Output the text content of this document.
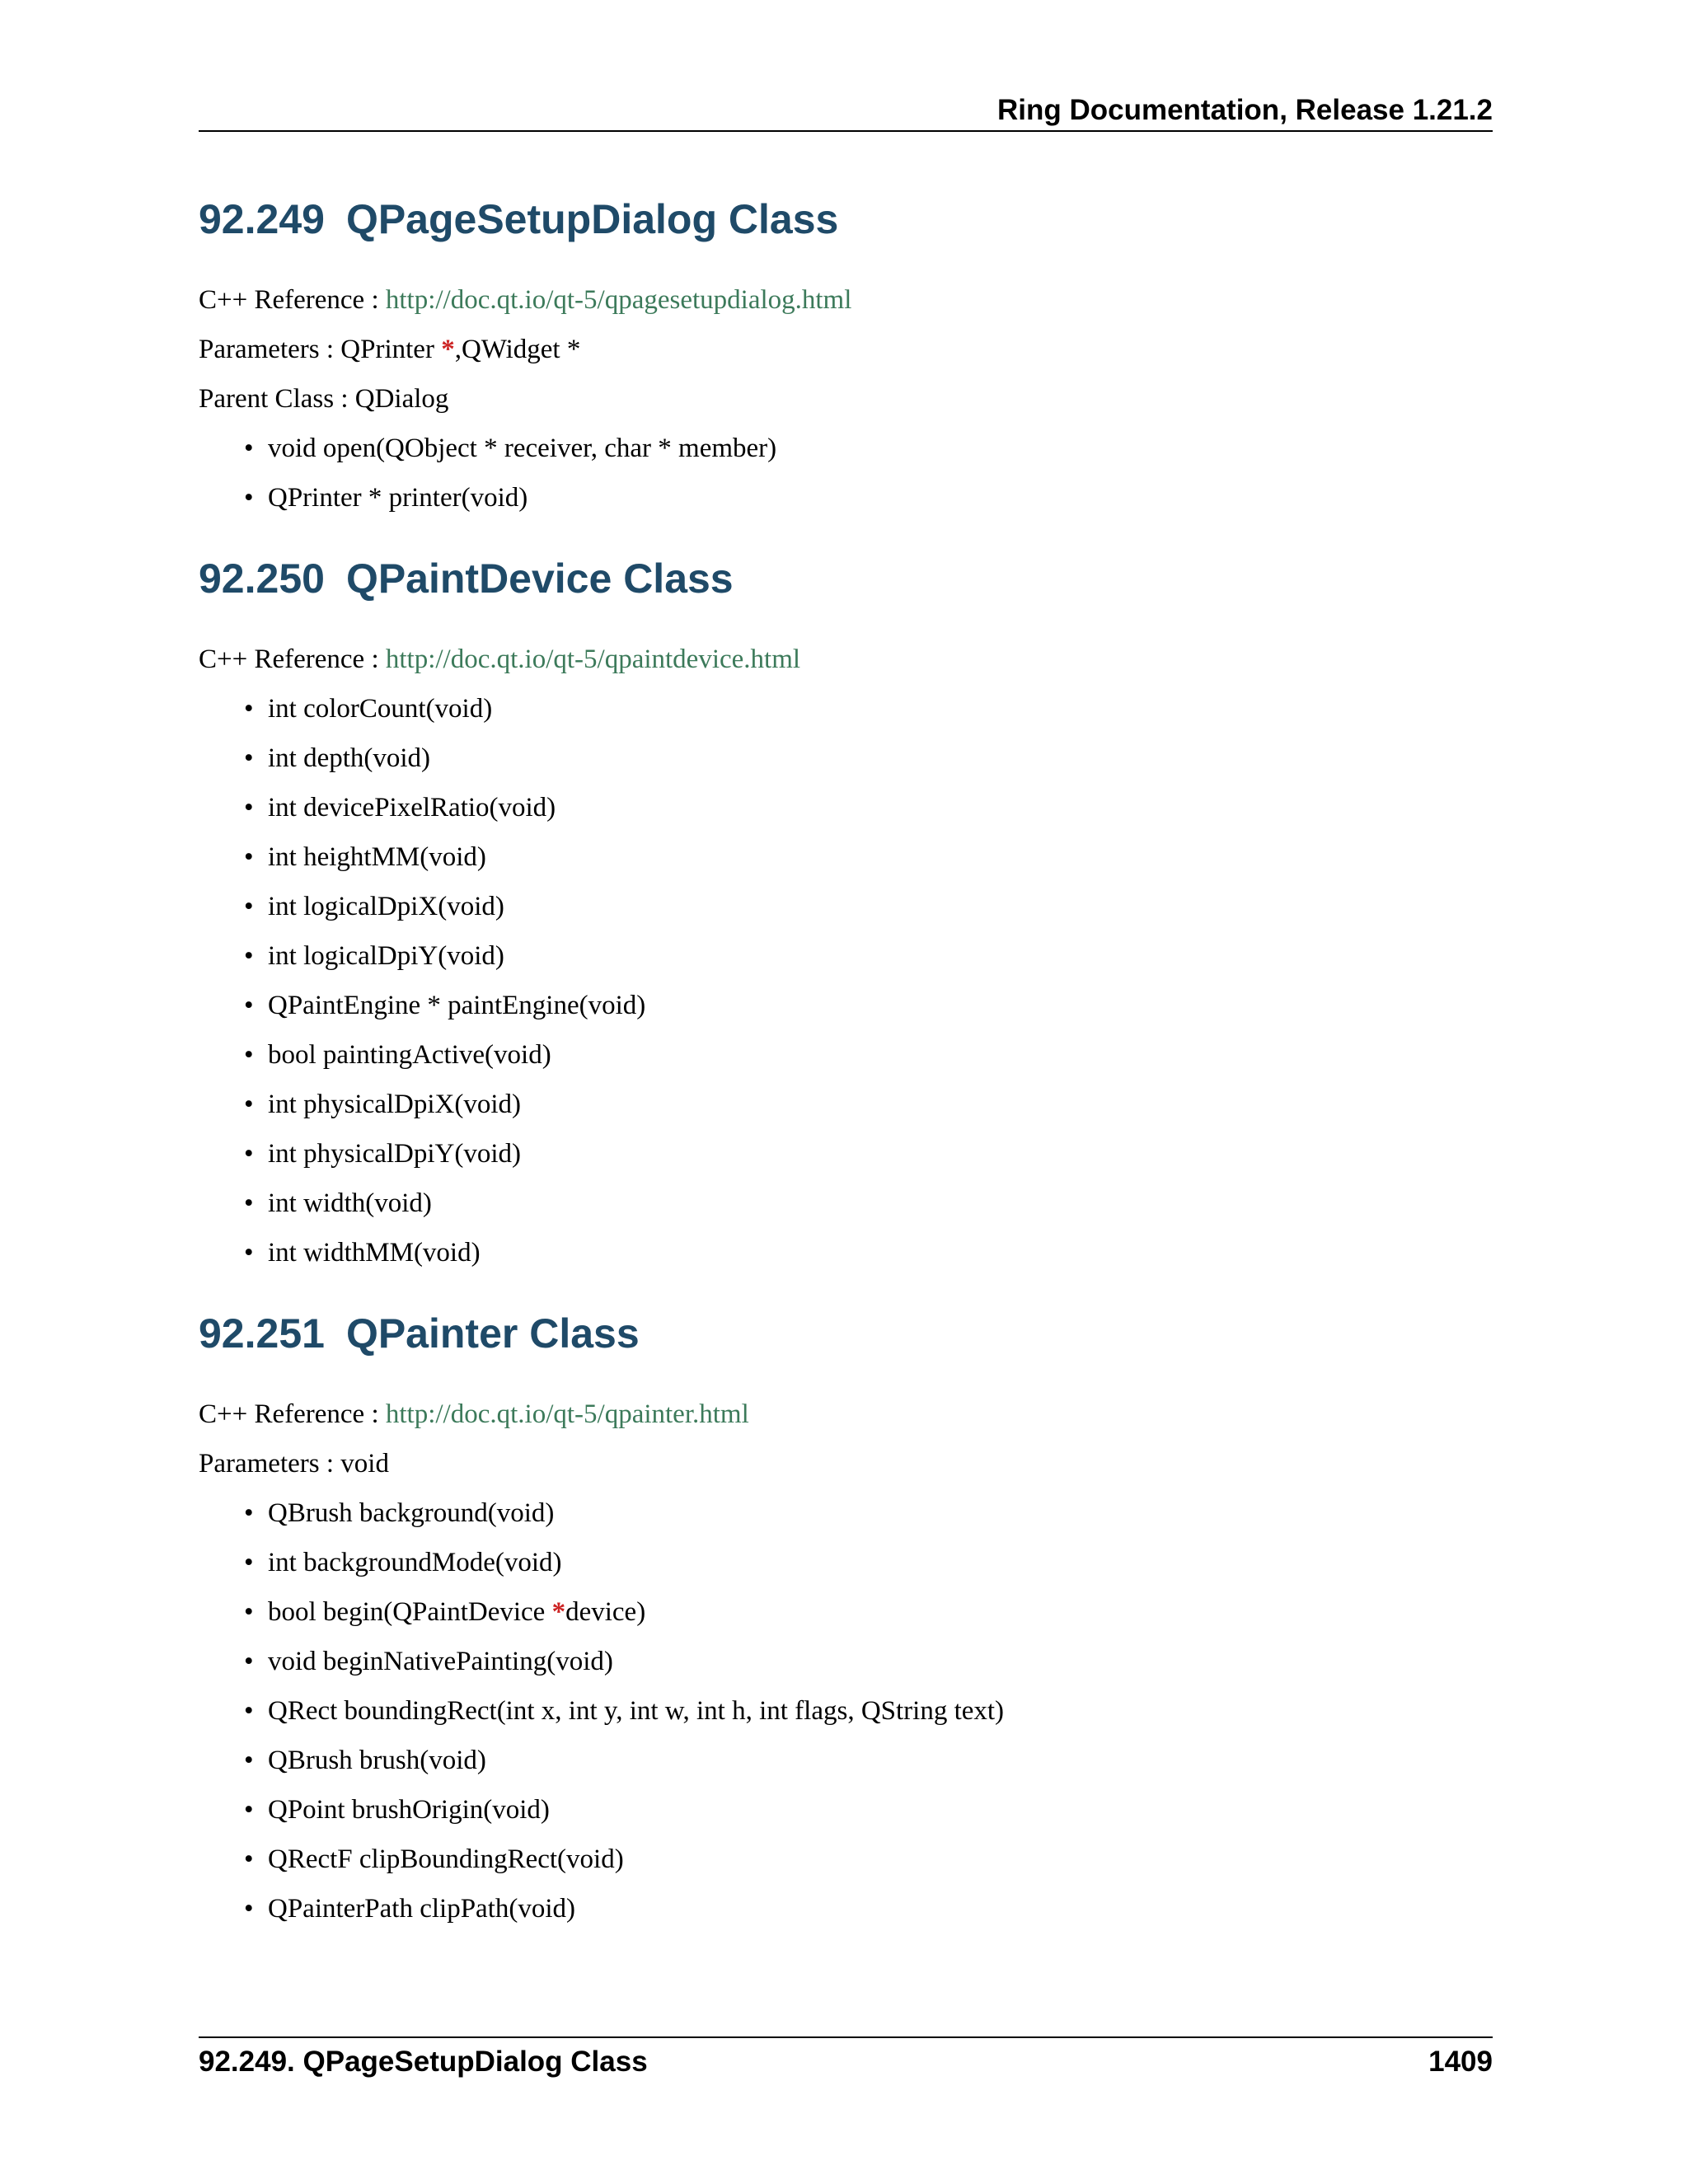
Ring Documentation, Release 1.21.2
92.249 QPageSetupDialog Class

C++ Reference : http://doc.qt.io/qt-5/qpagesetupdialog.html

Parameters : QPrinter *,QWidget *

Parent Class : QDialog

• void open(QObject * receiver, char * member)
• QPrinter * printer(void)
92.250 QPaintDevice Class

C++ Reference : http://doc.qt.io/qt-5/qpaintdevice.html

• int colorCount(void)
• int depth(void)
• int devicePixelRatio(void)
• int heightMM(void)
• int logicalDpiX(void)
• int logicalDpiY(void)
• QPaintEngine * paintEngine(void)
• bool paintingActive(void)
• int physicalDpiX(void)
• int physicalDpiY(void)
• int width(void)
• int widthMM(void)
92.251 QPainter Class

C++ Reference : http://doc.qt.io/qt-5/qpainter.html

Parameters : void

• QBrush background(void)
• int backgroundMode(void)
• bool begin(QPaintDevice *device)
• void beginNativePainting(void)
• QRect boundingRect(int x, int y, int w, int h, int flags, QString text)
• QBrush brush(void)
• QPoint brushOrigin(void)
• QRectF clipBoundingRect(void)
• QPainterPath clipPath(void)
92.249. QPageSetupDialog Class	1409
